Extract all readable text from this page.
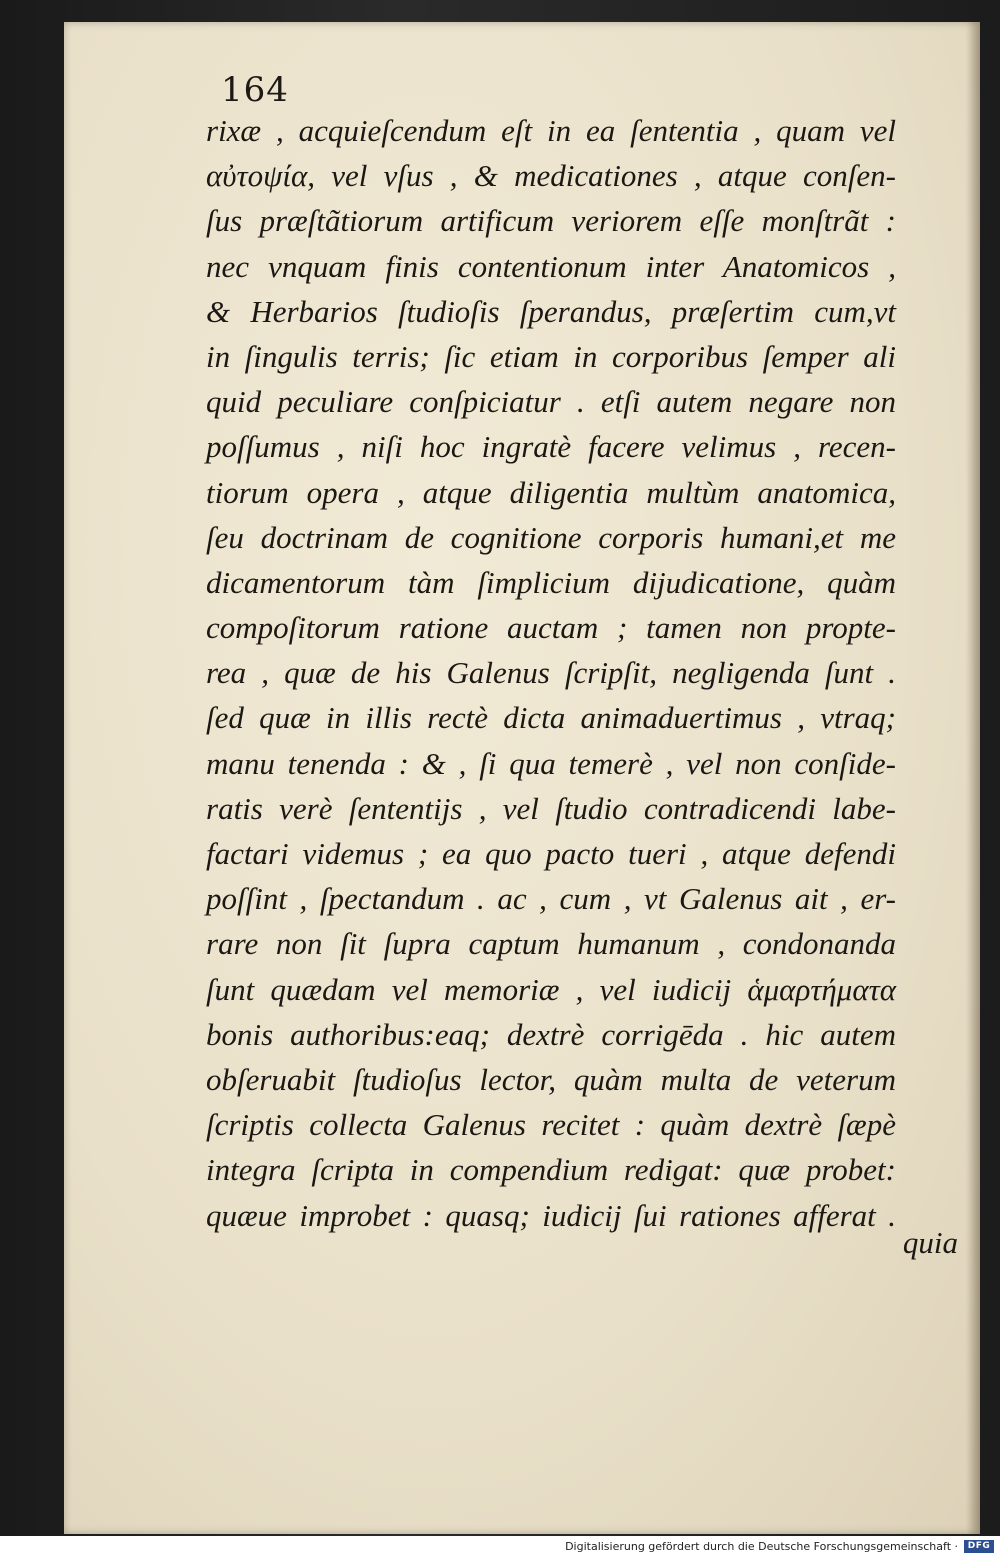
164
rixæ , acquieſcendum eſt in ea ſententia , quam vel
αὐτοψία, vel vſus , & medicationes , atque conſen-
ſus præſtãtiorum artificum veriorem eſſe monſtrãt :
nec vnquam finis contentionum inter Anatomicos ,
& Herbarios ſtudioſis ſperandus, præſertim cum,vt
in ſingulis terris; ſic etiam in corporibus ſemper ali
quid peculiare conſpiciatur . etſi autem negare non
poſſumus , niſi hoc ingratè facere velimus , recen-
tiorum opera , atque diligentia multùm anatomica,
ſeu doctrinam de cognitione corporis humani,et me
dicamentorum tàm ſimplicium dijudicatione, quàm
compoſitorum ratione auctam ; tamen non propte-
rea , quæ de his Galenus ſcripſit, negligenda ſunt .
ſed quæ in illis rectè dicta animaduertimus , vtraq;
manu tenenda : & , ſi qua temerè , vel non conſide-
ratis verè ſententijs , vel ſtudio contradicendi labe-
factari videmus ; ea quo pacto tueri , atque defendi
poſſint , ſpectandum . ac , cum , vt Galenus ait , er-
rare non ſit ſupra captum humanum , condonanda
ſunt quædam vel memoriæ , vel iudicij ἁμαρτήματα
bonis authoribus:eaq; dextrè corrigēda . hic autem
obſeruabit ſtudioſus lector, quàm multa de veterum
ſcriptis collecta Galenus recitet : quàm dextrè ſæpè
integra ſcripta in compendium redigat: quæ probet:
quæue improbet : quasq; iudicij ſui rationes afferat .
quia
Digitalisierung gefördert durch die Deutsche Forschungsgemeinschaft ·	DFG
